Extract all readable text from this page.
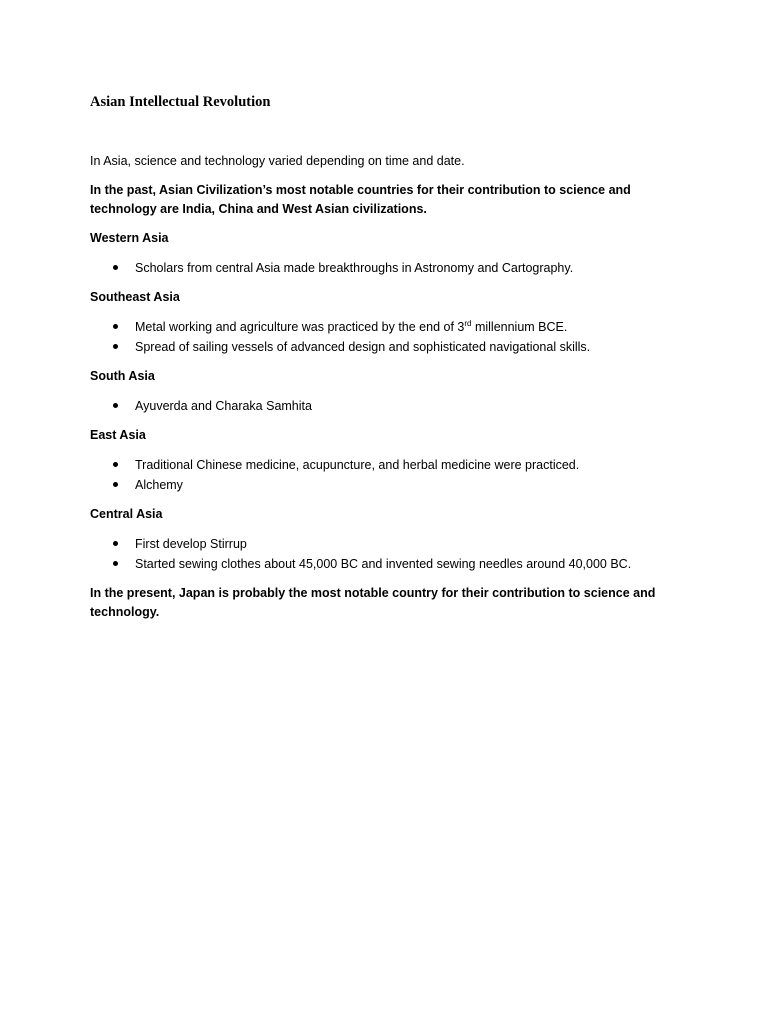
Asian Intellectual Revolution

In Asia, science and technology varied depending on time and date.

In the past, Asian Civilization’s most notable countries for their contribution to science and technology are India, China and West Asian civilizations.

Western Asia
Scholars from central Asia made breakthroughs in Astronomy and Cartography.
Southeast Asia
Metal working and agriculture was practiced by the end of 3rd millennium BCE.
Spread of sailing vessels of advanced design and sophisticated navigational skills.
South Asia
Ayuverda and Charaka Samhita
East Asia
Traditional Chinese medicine, acupuncture, and herbal medicine were practiced.
Alchemy
Central Asia
First develop Stirrup
Started sewing clothes about 45,000 BC and invented sewing needles around 40,000 BC.

In the present, Japan is probably the most notable country for their contribution to science and technology.
